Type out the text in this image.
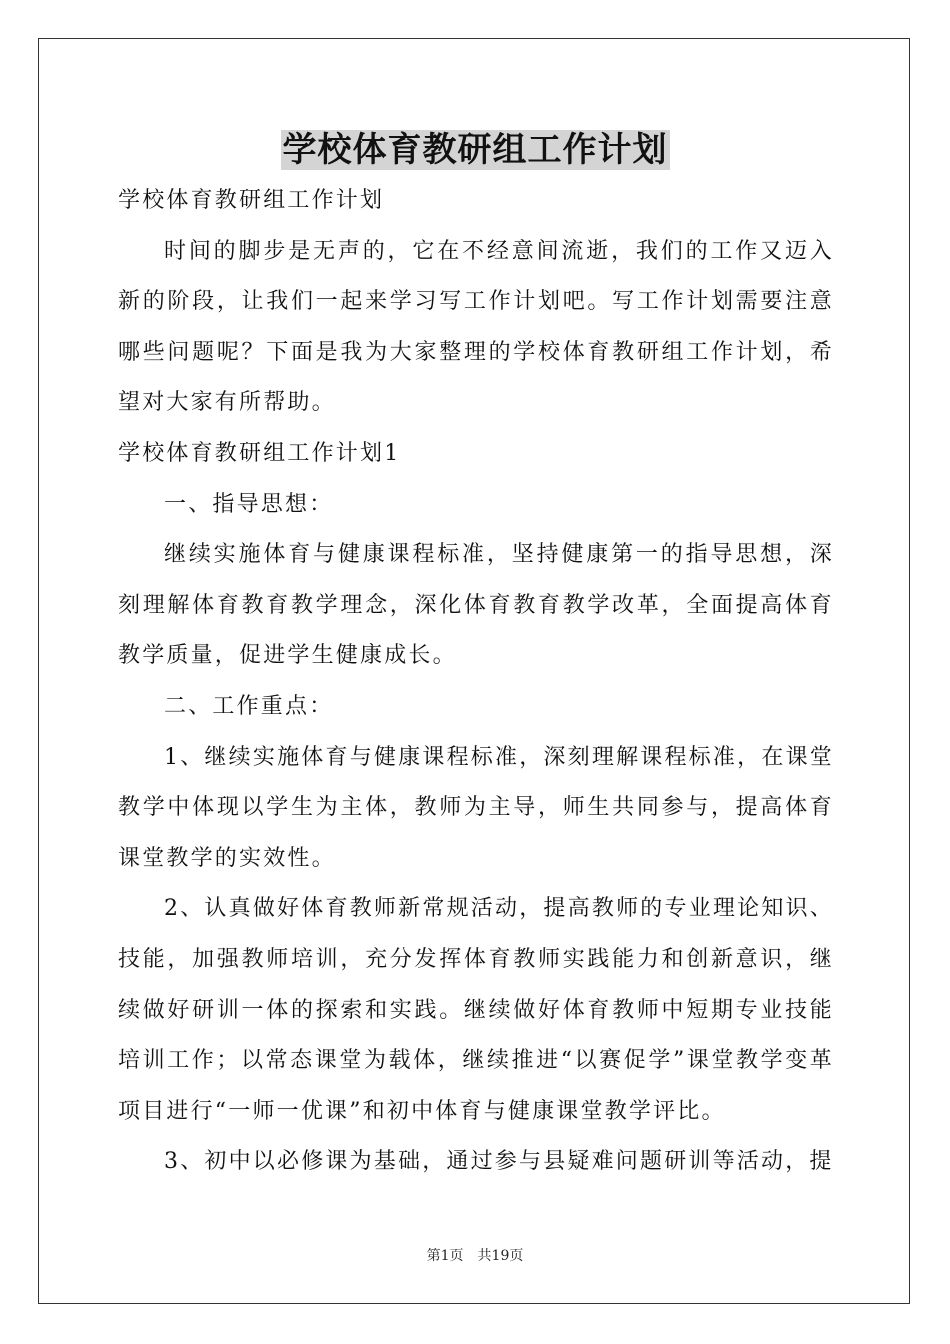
学校体育教研组工作计划

学校体育教研组工作计划

时间的脚步是无声的，它在不经意间流逝，我们的工作又迈入新的阶段，让我们一起来学习写工作计划吧。写工作计划需要注意哪些问题呢？下面是我为大家整理的学校体育教研组工作计划，希望对大家有所帮助。

学校体育教研组工作计划1

一、指导思想：

继续实施体育与健康课程标准，坚持健康第一的指导思想，深刻理解体育教育教学理念，深化体育教育教学改革，全面提高体育教学质量，促进学生健康成长。

二、工作重点：

1、继续实施体育与健康课程标准，深刻理解课程标准，在课堂教学中体现以学生为主体，教师为主导，师生共同参与，提高体育课堂教学的实效性。

2、认真做好体育教师新常规活动，提高教师的专业理论知识、技能，加强教师培训，充分发挥体育教师实践能力和创新意识，继续做好研训一体的探索和实践。继续做好体育教师中短期专业技能培训工作；以常态课堂为载体，继续推进“以赛促学”课堂教学变革项目进行“一师一优课”和初中体育与健康课堂教学评比。

3、初中以必修课为基础，通过参与县疑难问题研训等活动，提

第1页 共19页
